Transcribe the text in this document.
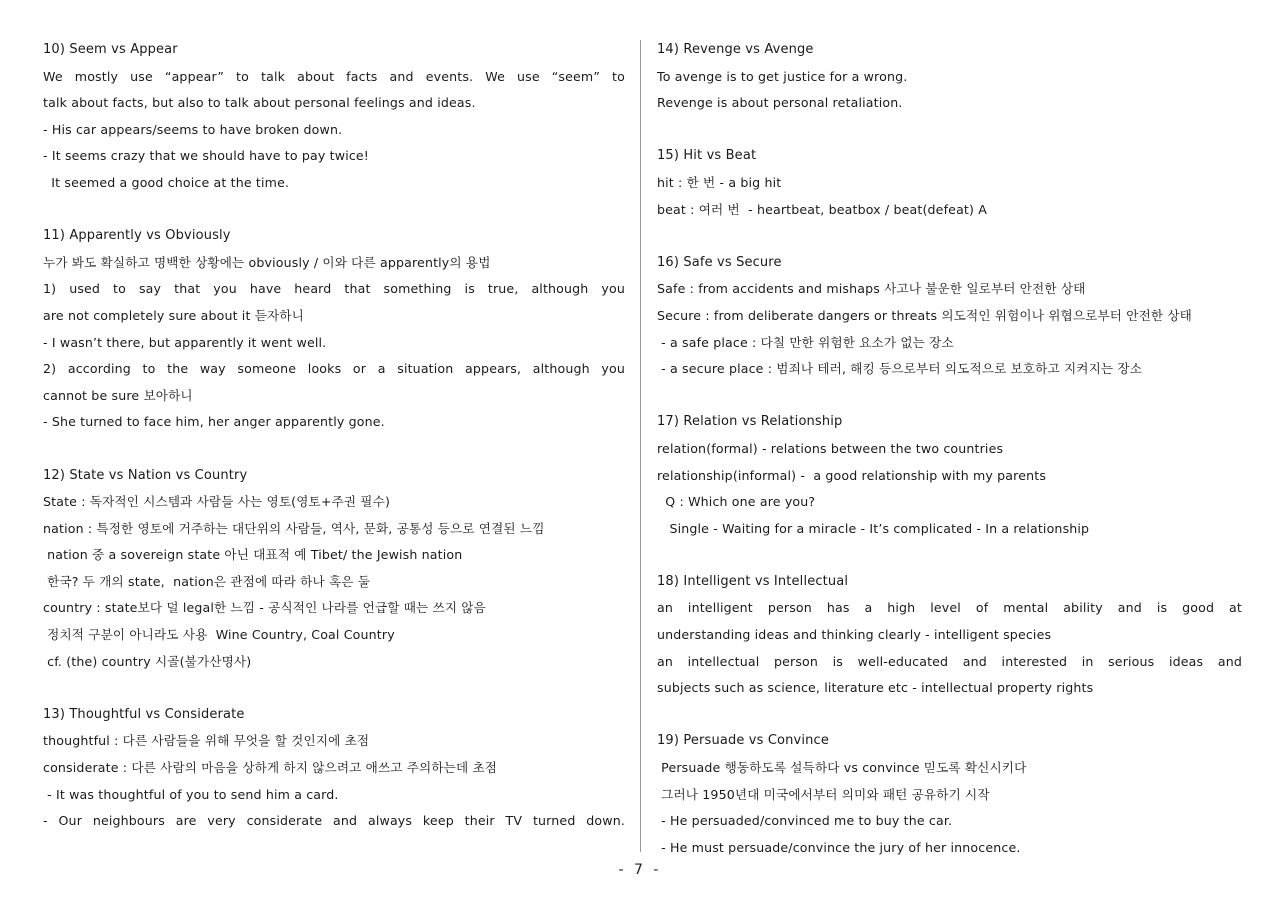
10) Seem vs Appear
We mostly use “appear” to talk about facts and events. We use “seem” to
talk about facts, but also to talk about personal feelings and ideas.
- His car appears/seems to have broken down.
- It seems crazy that we should have to pay twice!
It seemed a good choice at the time.
11) Apparently vs Obviously
누가 봐도 확실하고 명백한 상황에는 obviously / 이와 다른 apparently의 용법
1) used to say that you have heard that something is true, although you
are not completely sure about it 듣자하니
- I wasn’t there, but apparently it went well.
2) according to the way someone looks or a situation appears, although you
cannot be sure 보아하니
- She turned to face him, her anger apparently gone.
12) State vs Nation vs Country
State : 독자적인 시스템과 사람들 사는 영토(영토+주권 필수)
nation : 특정한 영토에 거주하는 대단위의 사람들, 역사, 문화, 공통성 등으로 연결된 느낌
nation 중 a sovereign state 아닌 대표적 예 Tibet/ the Jewish nation
한국? 두 개의 state,  nation은 관점에 따라 하나 혹은 둘
country : state보다 덜 legal한 느낌 - 공식적인 나라를 언급할 때는 쓰지 않음
정치적 구분이 아니라도 사용  Wine Country, Coal Country
cf. (the) country 시골(불가산명사)
13) Thoughtful vs Considerate
thoughtful : 다른 사람들을 위해 무엇을 할 것인지에 초점
considerate : 다른 사람의 마음을 상하게 하지 않으려고 애쓰고 주의하는데 초점
- It was thoughtful of you to send him a card.
- Our neighbours are very considerate and always keep their TV turned down.
14) Revenge vs Avenge
To avenge is to get justice for a wrong.
Revenge is about personal retaliation.
15) Hit vs Beat
hit : 한 번 - a big hit
beat : 여러 번  - heartbeat, beatbox / beat(defeat) A
16) Safe vs Secure
Safe : from accidents and mishaps 사고나 불운한 일로부터 안전한 상태
Secure : from deliberate dangers or threats 의도적인 위험이나 위협으로부터 안전한 상태
- a safe place : 다칠 만한 위험한 요소가 없는 장소
- a secure place : 범죄나 테러, 해킹 등으로부터 의도적으로 보호하고 지켜지는 장소
17) Relation vs Relationship
relation(formal) - relations between the two countries
relationship(informal) -  a good relationship with my parents
Q : Which one are you?
Single - Waiting for a miracle - It’s complicated - In a relationship
18) Intelligent vs Intellectual
an intelligent person has a high level of mental ability and is good at
understanding ideas and thinking clearly - intelligent species
an intellectual person is well-educated and interested in serious ideas and
subjects such as science, literature etc - intellectual property rights
19) Persuade vs Convince
Persuade 행동하도록 설득하다 vs convince 믿도록 확신시키다
그러나 1950년대 미국에서부터 의미와 패턴 공유하기 시작
- He persuaded/convinced me to buy the car.
- He must persuade/convince the jury of her innocence.
- 7 -
